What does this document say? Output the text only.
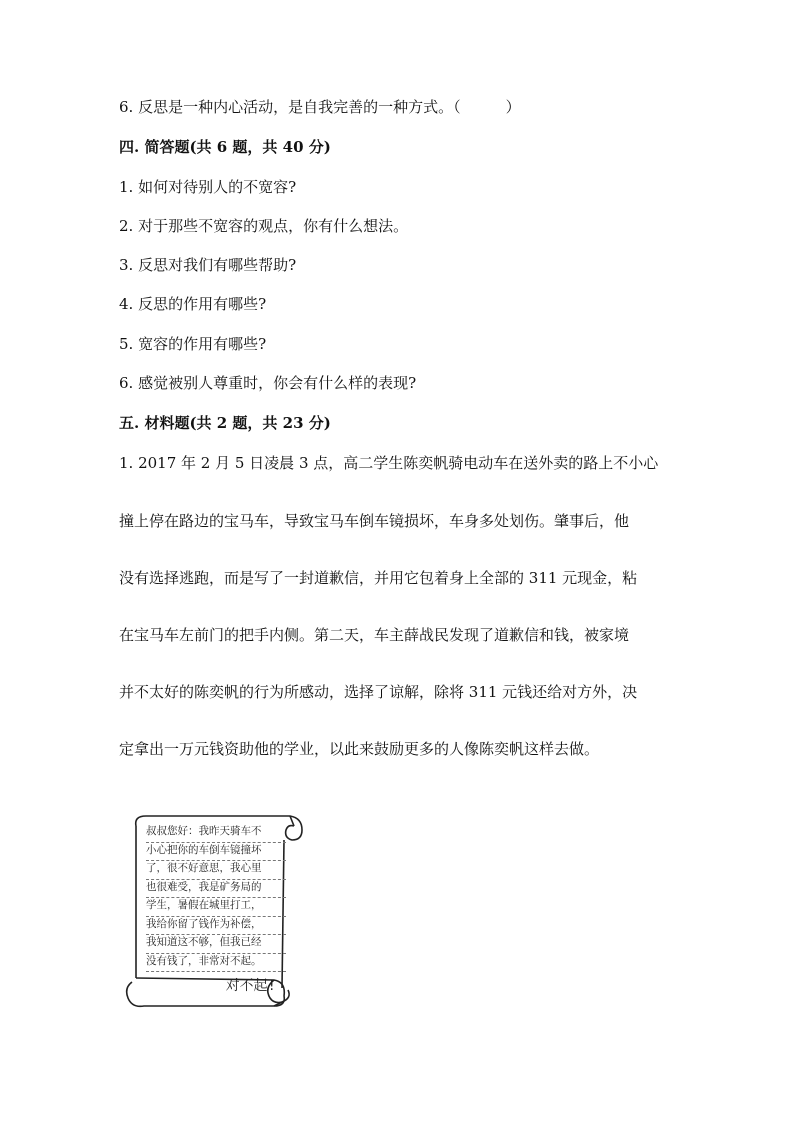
6. 反思是一种内心活动，是自我完善的一种方式。（　　　）
四. 简答题(共 6 题，共 40 分)
1. 如何对待别人的不宽容?
2. 对于那些不宽容的观点，你有什么想法。
3. 反思对我们有哪些帮助?
4. 反思的作用有哪些?
5. 宽容的作用有哪些?
6. 感觉被别人尊重时，你会有什么样的表现?
五. 材料题(共 2 题，共 23 分)
1. 2017 年 2 月 5 日凌晨 3 点，高二学生陈奕帆骑电动车在送外卖的路上不小心
撞上停在路边的宝马车，导致宝马车倒车镜损坏，车身多处划伤。肇事后，他
没有选择逃跑，而是写了一封道歉信，并用它包着身上全部的 311 元现金，粘
在宝马车左前门的把手内侧。第二天，车主薛战民发现了道歉信和钱，被家境
并不太好的陈奕帆的行为所感动，选择了谅解，除将 311 元钱还给对方外，决
定拿出一万元钱资助他的学业，以此来鼓励更多的人像陈奕帆这样去做。
叔叔您好：我昨天骑车不
小心把你的车倒车镜撞坏
了，很不好意思，我心里
也很难受，我是矿务局的
学生，暑假在城里打工，
我给你留了钱作为补偿，
我知道这不够，但我已经
没有钱了，非常对不起。
对不起!
